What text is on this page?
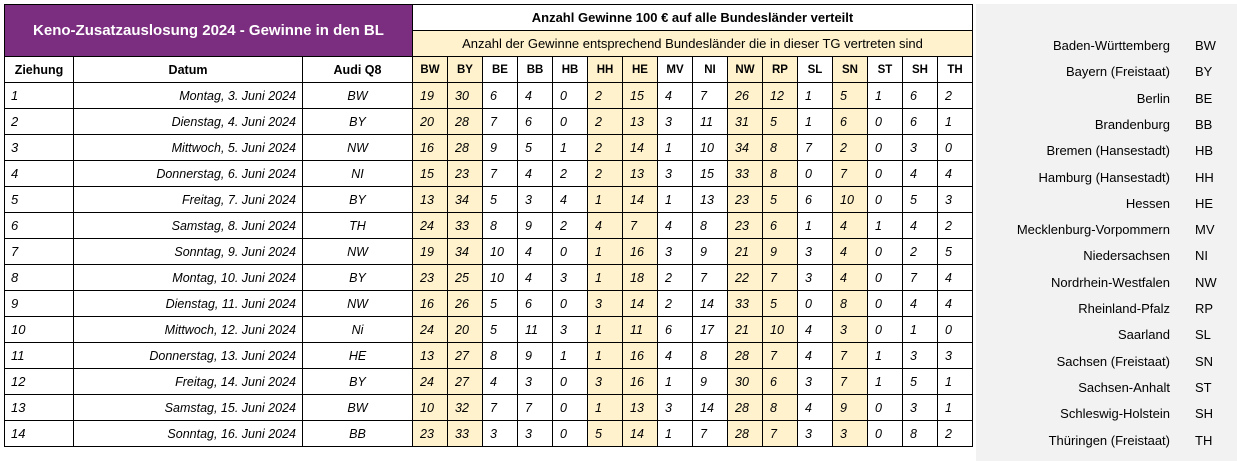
Keno-Zusatzauslosung 2024 - Gewinne in den BL			Anzahl Gewinne 100 € auf alle Bundesländer verteilt															
			Anzahl der Gewinne entsprechend Bundesländer die in dieser TG vertreten sind															
Ziehung	Datum	Audi Q8	BW	BY	BE	BB	HB	HH	HE	MV	NI	NW	RP	SL	SN	ST	SH	TH
1	Montag, 3. Juni 2024	BW	19	30	6	4	0	2	15	4	7	26	12	1	5	1	6	2
2	Dienstag, 4. Juni 2024	BY	20	28	7	6	0	2	13	3	11	31	5	1	6	0	6	1
3	Mittwoch, 5. Juni 2024	NW	16	28	9	5	1	2	14	1	10	34	8	7	2	0	3	0
4	Donnerstag, 6. Juni 2024	NI	15	23	7	4	2	2	13	3	15	33	8	0	7	0	4	4
5	Freitag, 7. Juni 2024	BY	13	34	5	3	4	1	14	1	13	23	5	6	10	0	5	3
6	Samstag, 8. Juni 2024	TH	24	33	8	9	2	4	7	4	8	23	6	1	4	1	4	2
7	Sonntag, 9. Juni 2024	NW	19	34	10	4	0	1	16	3	9	21	9	3	4	0	2	5
8	Montag, 10. Juni 2024	BY	23	25	10	4	3	1	18	2	7	22	7	3	4	0	7	4
9	Dienstag, 11. Juni 2024	NW	16	26	5	6	0	3	14	2	14	33	5	0	8	0	4	4
10	Mittwoch, 12. Juni 2024	Ni	24	20	5	11	3	1	11	6	17	21	10	4	3	0	1	0
11	Donnerstag, 13. Juni 2024	HE	13	27	8	9	1	1	16	4	8	28	7	4	7	1	3	3
12	Freitag, 14. Juni 2024	BY	24	27	4	3	0	3	16	1	9	30	6	3	7	1	5	1
13	Samstag, 15. Juni 2024	BW	10	32	7	7	0	1	13	3	14	28	8	4	9	0	3	1
14	Sonntag, 16. Juni 2024	BB	23	33	3	3	0	5	14	1	7	28	7	3	3	0	8	2
Baden-Württemberg BW
Bayern (Freistaat) BY
Berlin BE
Brandenburg BB
Bremen (Hansestadt) HB
Hamburg (Hansestadt) HH
Hessen HE
Mecklenburg-Vorpommern MV
Niedersachsen NI
Nordrhein-Westfalen NW
Rheinland-Pfalz RP
Saarland SL
Sachsen (Freistaat) SN
Sachsen-Anhalt ST
Schleswig-Holstein SH
Thüringen (Freistaat) TH
